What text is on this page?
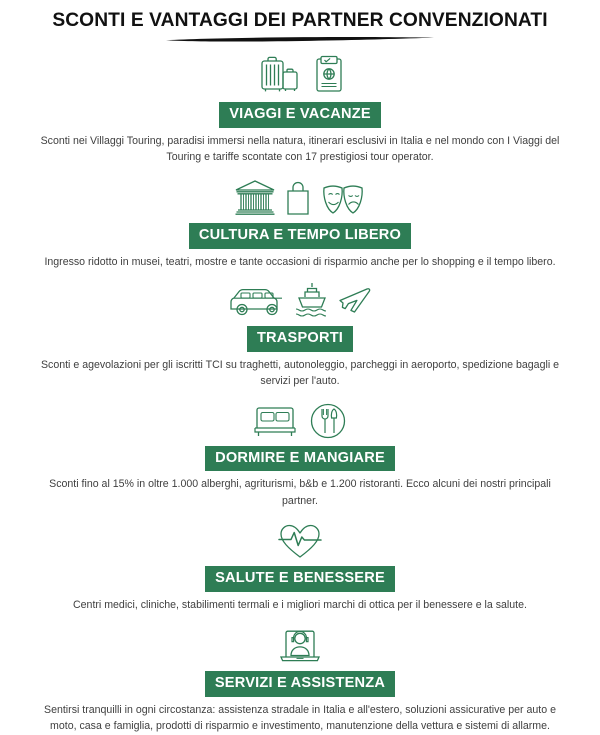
SCONTI E VANTAGGI DEI PARTNER CONVENZIONATI
VIAGGI E VACANZE

Sconti nei Villaggi Touring, paradisi immersi nella natura, itinerari esclusivi in Italia e nel mondo con I Viaggi del Touring e tariffe scontate con 17 prestigiosi tour operator.

CULTURA E TEMPO LIBERO

Ingresso ridotto in musei, teatri, mostre e tante occasioni di risparmio anche per lo shopping e il tempo libero.

TRASPORTI

Sconti e agevolazioni per gli iscritti TCI su traghetti, autonoleggio, parcheggi in aeroporto, spedizione bagagli e servizi per l'auto.

DORMIRE E MANGIARE

Sconti fino al 15% in oltre 1.000 alberghi, agriturismi, b&b e 1.200 ristoranti. Ecco alcuni dei nostri principali partner.

SALUTE E BENESSERE

Centri medici, cliniche, stabilimenti termali e i migliori marchi di ottica per il benessere e la salute.

SERVIZI E ASSISTENZA

Sentirsi tranquilli in ogni circostanza: assistenza stradale in Italia e all'estero, soluzioni assicurative per auto e moto, casa e famiglia, prodotti di risparmio e investimento, manutenzione della vettura e sistemi di allarme.
